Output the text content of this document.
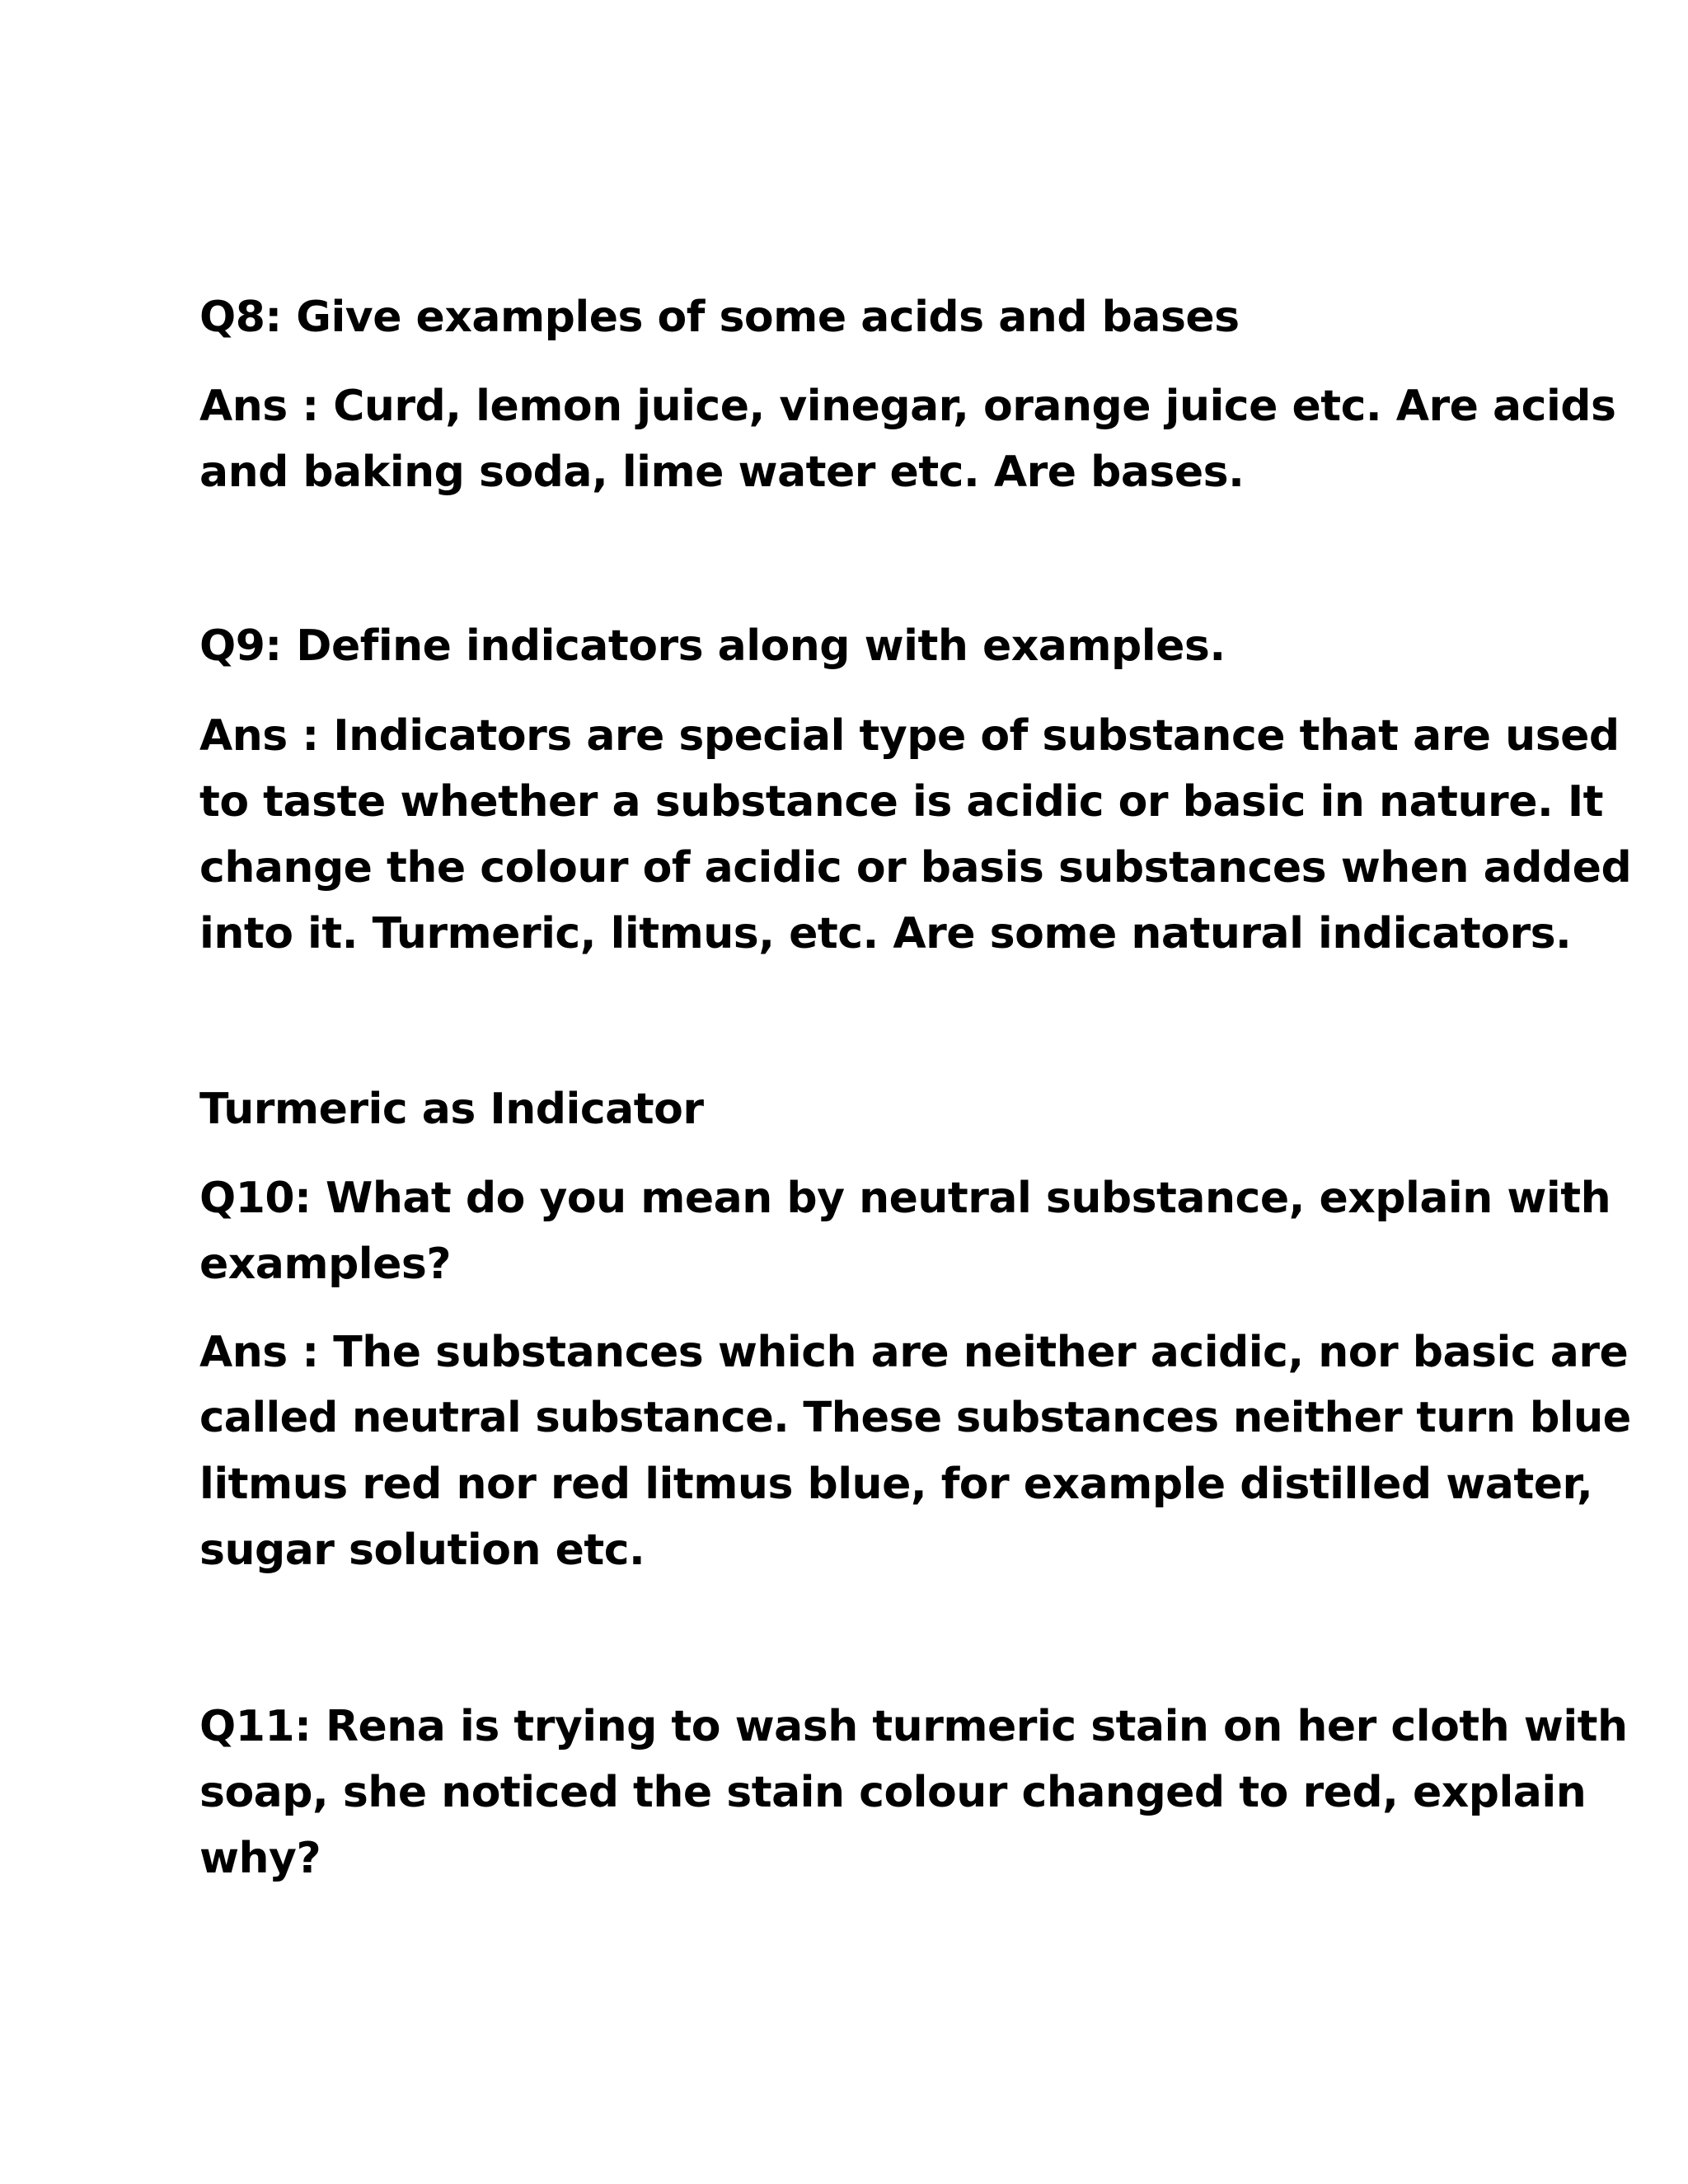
Q8: Give examples of some acids and bases

Ans : Curd, lemon juice, vinegar, orange juice etc. Are acids

and baking soda, lime water etc. Are bases.

Q9: Define indicators along with examples.

Ans : Indicators are special type of substance that are used

to taste whether a substance is acidic or basic in nature. It

change the colour of acidic or basis substances when added

into it. Turmeric, litmus, etc. Are some natural indicators.

Turmeric as Indicator

Q10: What do you mean by neutral substance, explain with

examples?

Ans : The substances which are neither acidic, nor basic are

called neutral substance. These substances neither turn blue

litmus red nor red litmus blue, for example distilled water,

sugar solution etc.

Q11: Rena is trying to wash turmeric stain on her cloth with

soap, she noticed the stain colour changed to red, explain

why?
